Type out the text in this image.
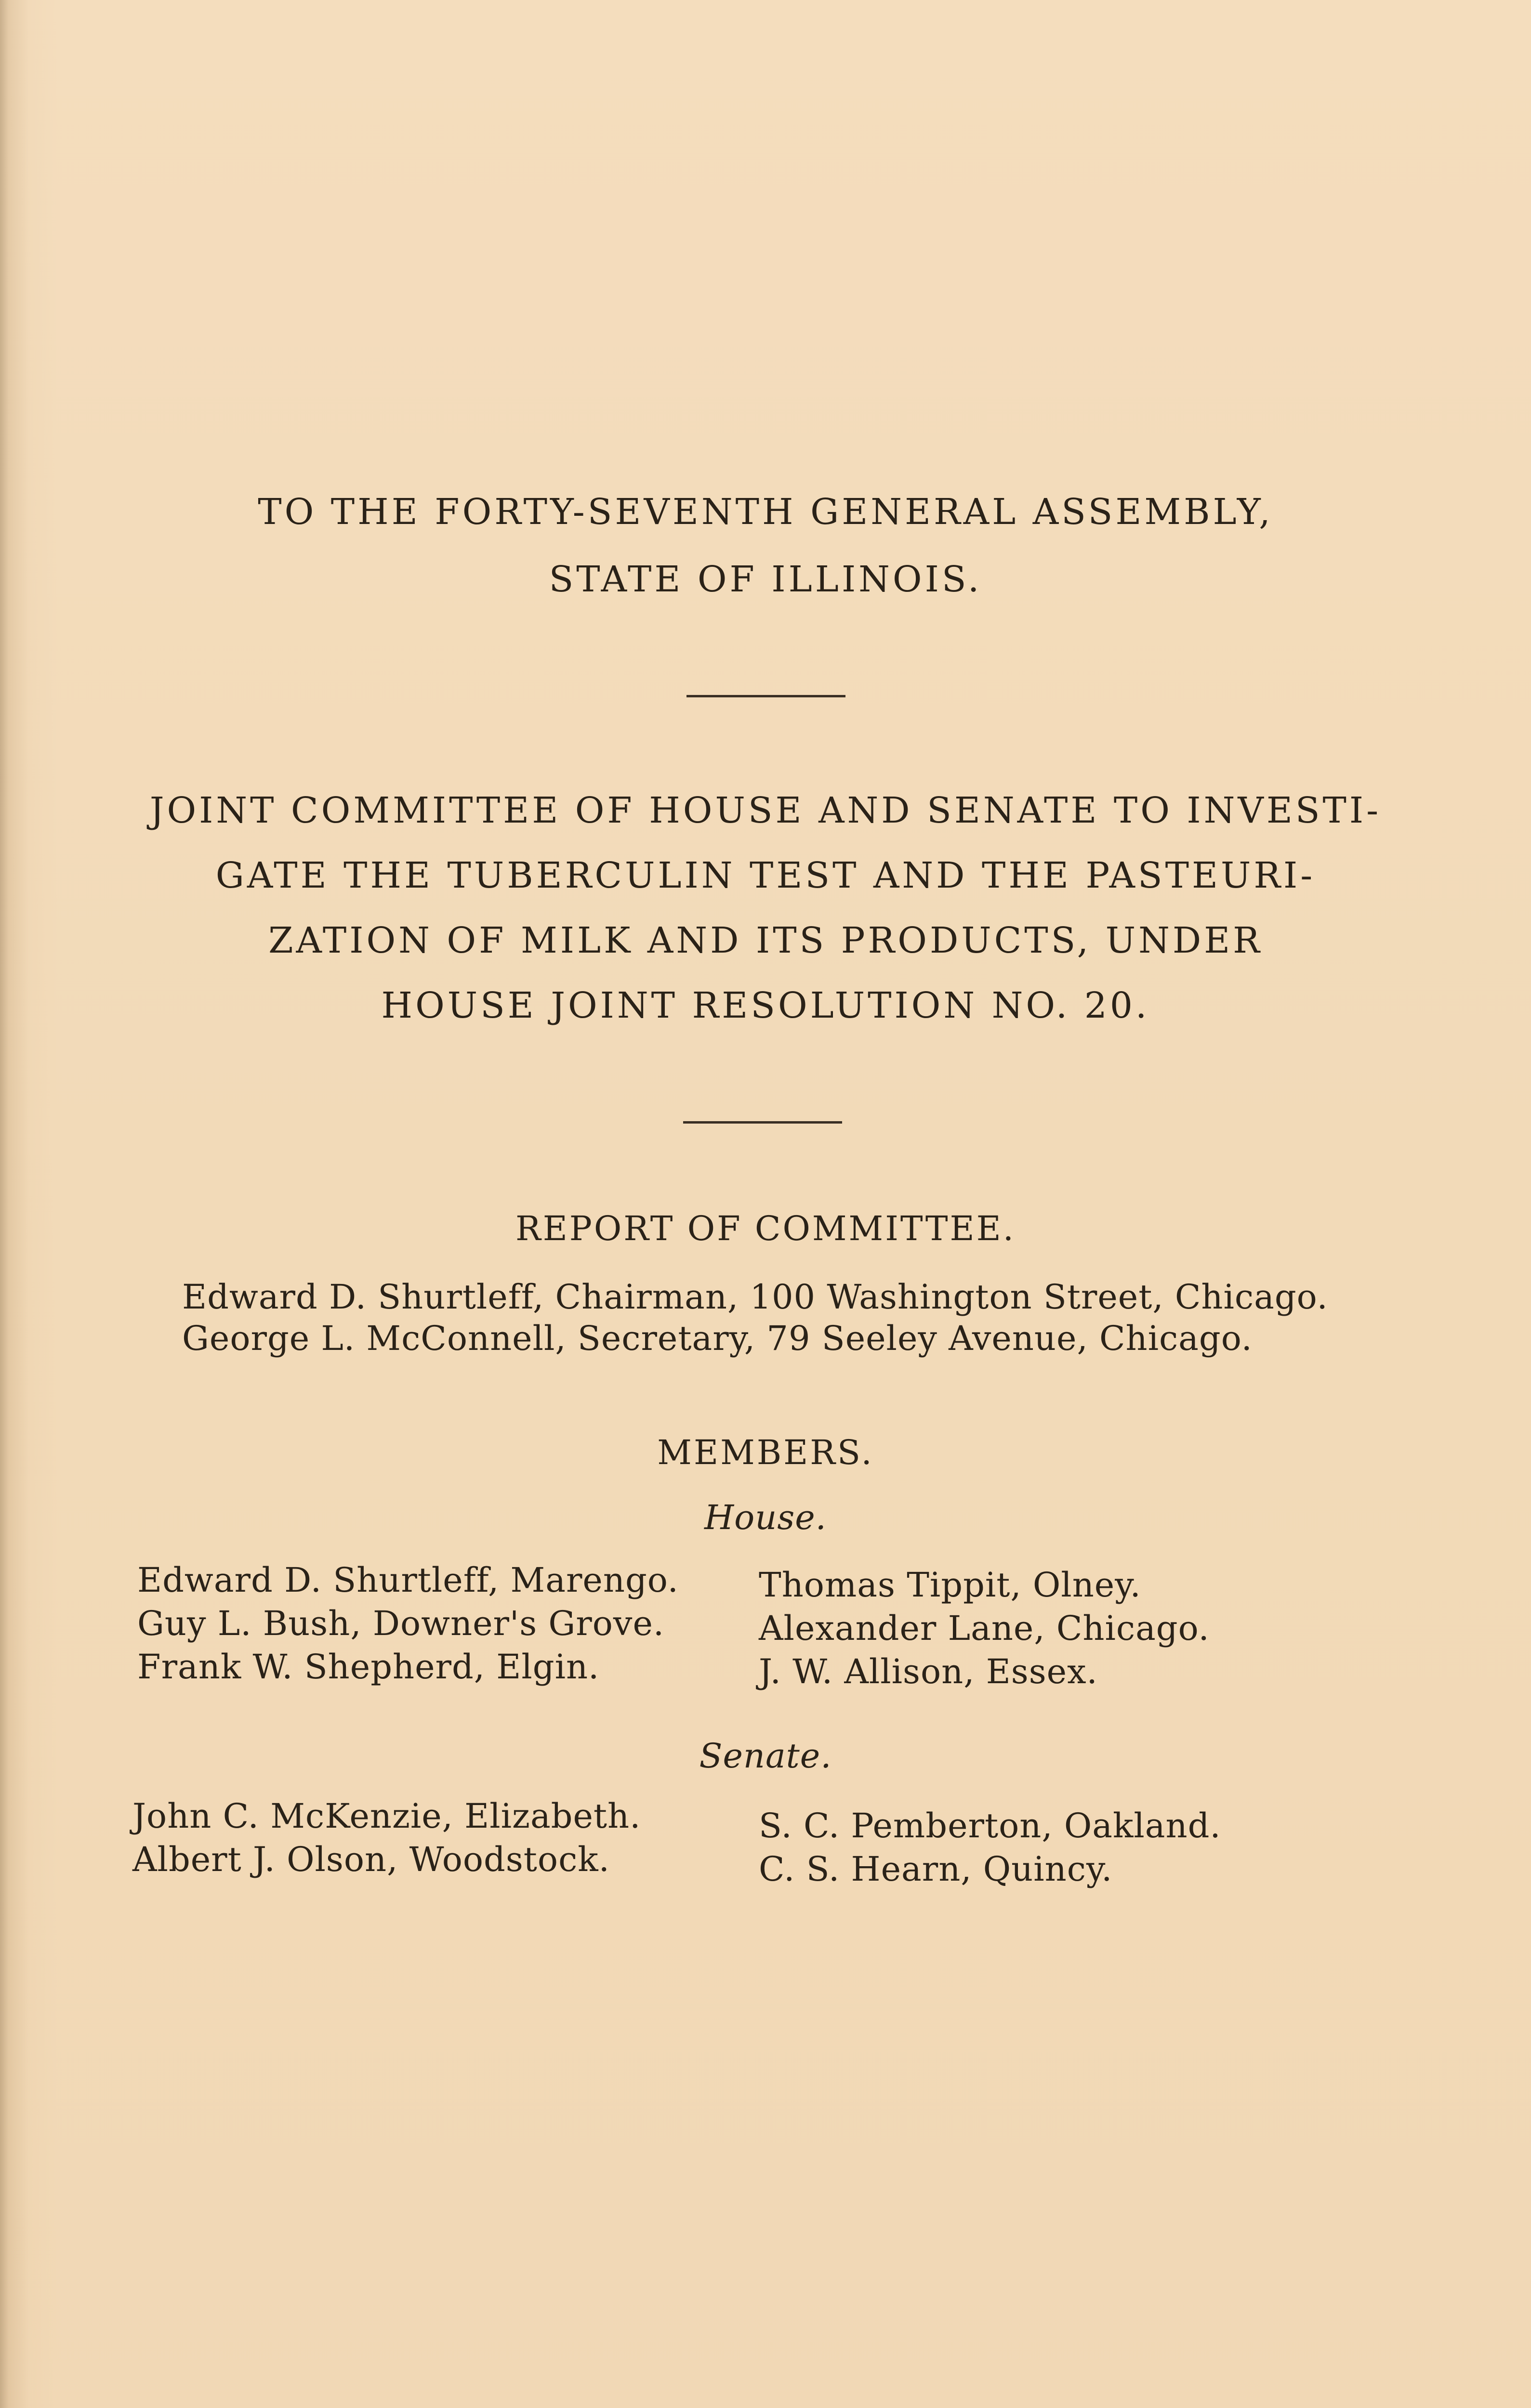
TO THE FORTY-SEVENTH GENERAL ASSEMBLY,
STATE OF ILLINOIS.
JOINT COMMITTEE OF HOUSE AND SENATE TO INVESTI-
GATE THE TUBERCULIN TEST AND THE PASTEURI-
ZATION OF MILK AND ITS PRODUCTS, UNDER
HOUSE JOINT RESOLUTION NO. 20.
REPORT OF COMMITTEE.
Edward D. Shurtleff, Chairman, 100 Washington Street, Chicago.
George L. McConnell, Secretary, 79 Seeley Avenue, Chicago.
MEMBERS.
House.
Edward D. Shurtleff, Marengo.
Guy L. Bush, Downer's Grove.
Frank W. Shepherd, Elgin.
Thomas Tippit, Olney.
Alexander Lane, Chicago.
J. W. Allison, Essex.
Senate.
John C. McKenzie, Elizabeth.
Albert J. Olson, Woodstock.
S. C. Pemberton, Oakland.
C. S. Hearn, Quincy.
